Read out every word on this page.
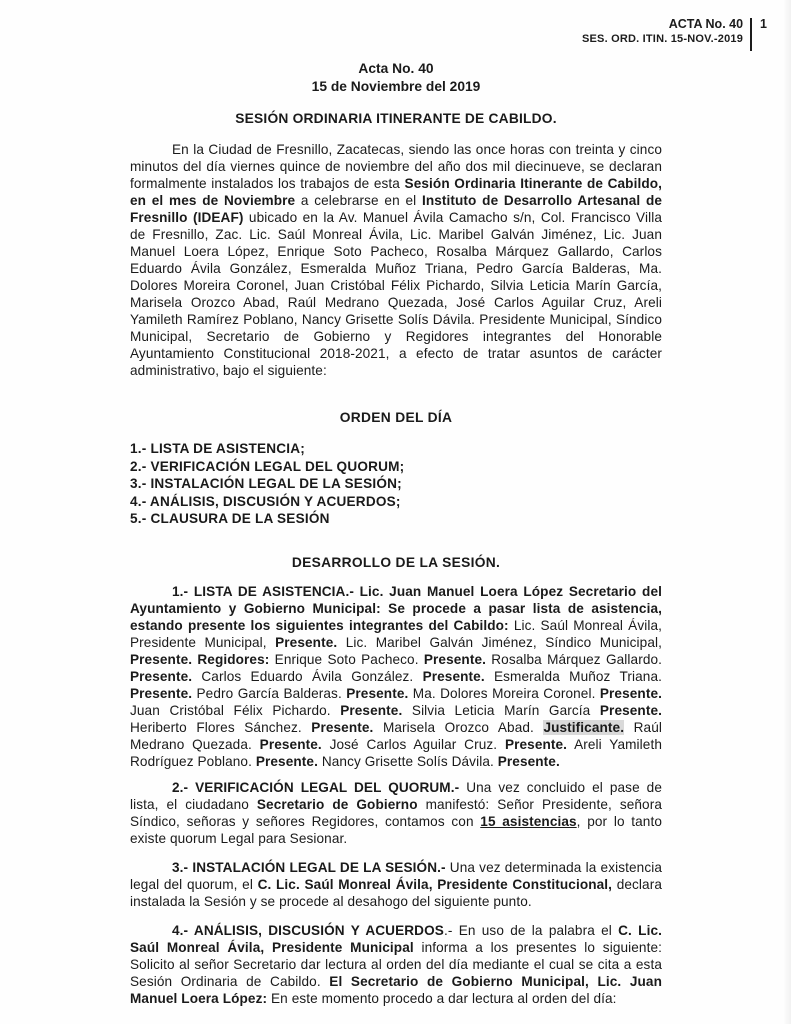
ACTA No. 40
SES. ORD. ITIN. 15-NOV.-2019
1
Acta No. 40
15 de Noviembre del 2019
SESIÓN ORDINARIA ITINERANTE DE CABILDO.

En la Ciudad de Fresnillo, Zacatecas, siendo las once horas con treinta y cinco minutos del día viernes quince de noviembre del año dos mil diecinueve, se declaran formalmente instalados los trabajos de esta Sesión Ordinaria Itinerante de Cabildo, en el mes de Noviembre a celebrarse en el Instituto de Desarrollo Artesanal de Fresnillo (IDEAF) ubicado en la Av. Manuel Ávila Camacho s/n, Col. Francisco Villa de Fresnillo, Zac. Lic. Saúl Monreal Ávila, Lic. Maribel Galván Jiménez, Lic. Juan Manuel Loera López, Enrique Soto Pacheco, Rosalba Márquez Gallardo, Carlos Eduardo Ávila González, Esmeralda Muñoz Triana, Pedro García Balderas, Ma. Dolores Moreira Coronel, Juan Cristóbal Félix Pichardo, Silvia Leticia Marín García, Marisela Orozco Abad, Raúl Medrano Quezada, José Carlos Aguilar Cruz, Areli Yamileth Ramírez Poblano, Nancy Grisette Solís Dávila. Presidente Municipal, Síndico Municipal, Secretario de Gobierno y Regidores integrantes del Honorable Ayuntamiento Constitucional 2018-2021, a efecto de tratar asuntos de carácter administrativo, bajo el siguiente:

ORDEN DEL DÍA
1.- LISTA DE ASISTENCIA;
2.- VERIFICACIÓN LEGAL DEL QUORUM;
3.- INSTALACIÓN LEGAL DE LA SESIÓN;
4.- ANÁLISIS, DISCUSIÓN Y ACUERDOS;
5.- CLAUSURA DE LA SESIÓN
DESARROLLO DE LA SESIÓN.

1.- LISTA DE ASISTENCIA.- Lic. Juan Manuel Loera López Secretario del Ayuntamiento y Gobierno Municipal: Se procede a pasar lista de asistencia, estando presente los siguientes integrantes del Cabildo: Lic. Saúl Monreal Ávila, Presidente Municipal, Presente. Lic. Maribel Galván Jiménez, Síndico Municipal, Presente. Regidores: Enrique Soto Pacheco. Presente. Rosalba Márquez Gallardo. Presente. Carlos Eduardo Ávila González. Presente. Esmeralda Muñoz Triana. Presente. Pedro García Balderas. Presente. Ma. Dolores Moreira Coronel. Presente. Juan Cristóbal Félix Pichardo. Presente. Silvia Leticia Marín García Presente. Heriberto Flores Sánchez. Presente. Marisela Orozco Abad. Justificante. Raúl Medrano Quezada. Presente. José Carlos Aguilar Cruz. Presente. Areli Yamileth Rodríguez Poblano. Presente. Nancy Grisette Solís Dávila. Presente.

2.- VERIFICACIÓN LEGAL DEL QUORUM.- Una vez concluido el pase de lista, el ciudadano Secretario de Gobierno manifestó: Señor Presidente, señora Síndico, señoras y señores Regidores, contamos con 15 asistencias, por lo tanto existe quorum Legal para Sesionar.

3.- INSTALACIÓN LEGAL DE LA SESIÓN.- Una vez determinada la existencia legal del quorum, el C. Lic. Saúl Monreal Ávila, Presidente Constitucional, declara instalada la Sesión y se procede al desahogo del siguiente punto.

4.- ANÁLISIS, DISCUSIÓN Y ACUERDOS.- En uso de la palabra el C. Lic. Saúl Monreal Ávila, Presidente Municipal informa a los presentes lo siguiente: Solicito al señor Secretario dar lectura al orden del día mediante el cual se cita a esta Sesión Ordinaria de Cabildo. El Secretario de Gobierno Municipal, Lic. Juan Manuel Loera López: En este momento procedo a dar lectura al orden del día:
